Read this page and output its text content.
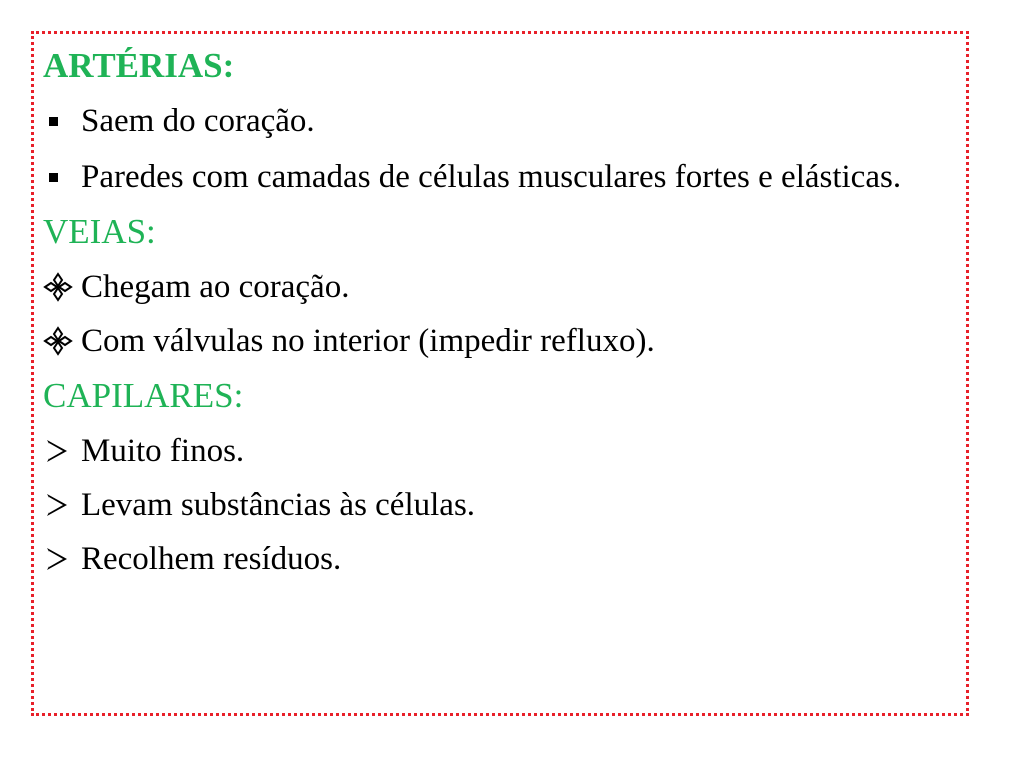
ARTÉRIAS:
Saem do coração.
Paredes com camadas de células musculares fortes e elásticas.
VEIAS:
Chegam ao coração.
Com válvulas no interior (impedir refluxo).
CAPILARES:
Muito finos.
Levam substâncias às células.
Recolhem resíduos.
